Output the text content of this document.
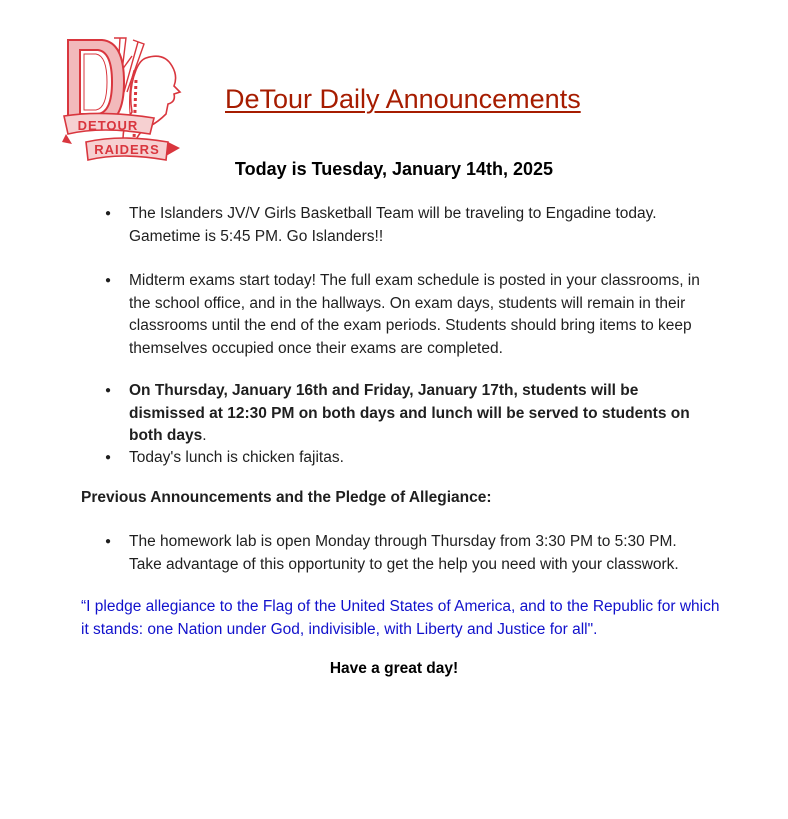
DETOUR
RAIDERS
DeTour Daily Announcements
Today is Tuesday, January 14th, 2025
● The Islanders JV/V Girls Basketball Team will be traveling to Engadine today. Gametime is 5:45 PM. Go Islanders!!
● Midterm exams start today! The full exam schedule is posted in your classrooms, in the school office, and in the hallways. On exam days, students will remain in their classrooms until the end of the exam periods. Students should bring items to keep themselves occupied once their exams are completed.
● On Thursday, January 16th and Friday, January 17th, students will be dismissed at 12:30 PM on both days and lunch will be served to students on both days.
● Today's lunch is chicken fajitas.
Previous Announcements and the Pledge of Allegiance:
● The homework lab is open Monday through Thursday from 3:30 PM to 5:30 PM. Take advantage of this opportunity to get the help you need with your classwork.
“I pledge allegiance to the Flag of the United States of America, and to the Republic for which it stands: one Nation under God, indivisible, with Liberty and Justice for all".
Have a great day!
